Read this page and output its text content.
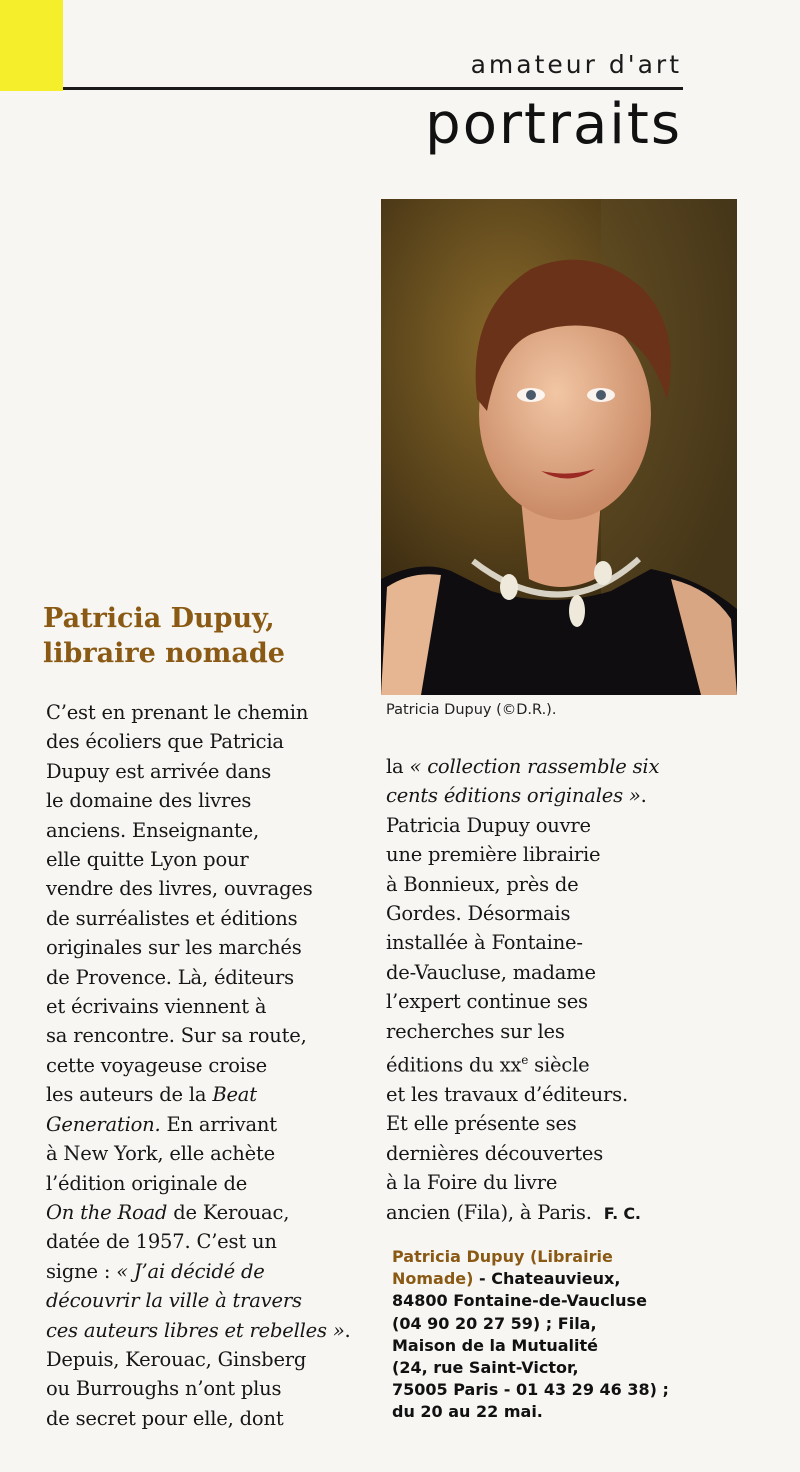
amateur d'art
portraits
Patricia Dupuy (©D.R.).
Patricia Dupuy,
libraire nomade
C’est en prenant le chemin
des écoliers que Patricia
Dupuy est arrivée dans
le domaine des livres
anciens. Enseignante,
elle quitte Lyon pour
vendre des livres, ouvrages
de surréalistes et éditions
originales sur les marchés
de Provence. Là, éditeurs
et écrivains viennent à
sa rencontre. Sur sa route,
cette voyageuse croise
les auteurs de la Beat
Generation. En arrivant
à New York, elle achète
l’édition originale de
On the Road de Kerouac,
datée de 1957. C’est un
signe : « J’ai décidé de
découvrir la ville à travers
ces auteurs libres et rebelles ».
Depuis, Kerouac, Ginsberg
ou Burroughs n’ont plus
de secret pour elle, dont
la « collection rassemble six
cents éditions originales ».
Patricia Dupuy ouvre
une première librairie
à Bonnieux, près de
Gordes. Désormais
installée à Fontaine-
de-Vaucluse, madame
l’expert continue ses
recherches sur les
éditions du $xx^e$ siècle
et les travaux d’éditeurs.
Et elle présente ses
dernières découvertes
à la Foire du livre
ancien (Fila), à Paris. F. C.
Patricia Dupuy (Librairie
Nomade) - Chateauvieux,
84800 Fontaine-de-Vaucluse
(04 90 20 27 59) ; Fila,
Maison de la Mutualité
(24, rue Saint-Victor,
75005 Paris - 01 43 29 46 38) ;
du 20 au 22 mai.
